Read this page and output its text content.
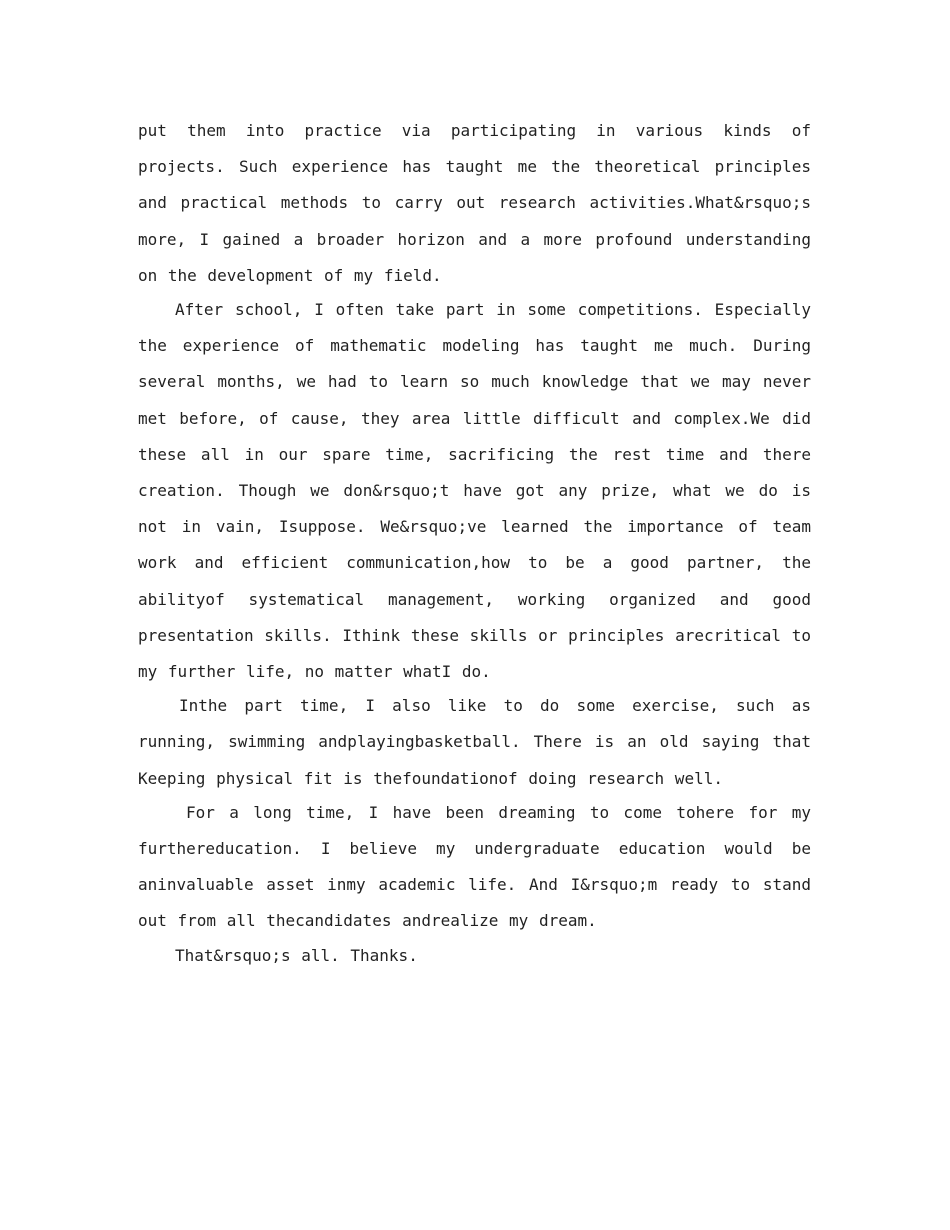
put them into practice via participating in various kinds of projects. Such experience has taught me the theoretical principles and practical methods to carry out research activities.What&rsquo;s more, I gained a broader horizon and a more profound understanding on the development of my field.

After school, I often take part in some competitions. Especially the experience of mathematic modeling has taught me much. During several months, we had to learn so much knowledge that we may never met before, of cause, they area little difficult and complex.We did these all in our spare time, sacrificing the rest time and there creation. Though we don&rsquo;t have got any prize, what we do is not in vain, Isuppose. We&rsquo;ve learned the importance of team work and efficient communication,how to be a good partner, the abilityof systematical management, working organized and good presentation skills. Ithink these skills or principles arecritical to my further life, no matter whatI do.

Inthe part time, I also like to do some exercise, such as running, swimming andplayingbasketball. There is an old saying that Keeping physical fit is thefoundationof doing research well.

For a long time, I have been dreaming to come tohere for my furthereducation. I believe my undergraduate education would be aninvaluable asset inmy academic life. And I&rsquo;m ready to stand out from all thecandidates andrealize my dream.

That&rsquo;s all. Thanks.
